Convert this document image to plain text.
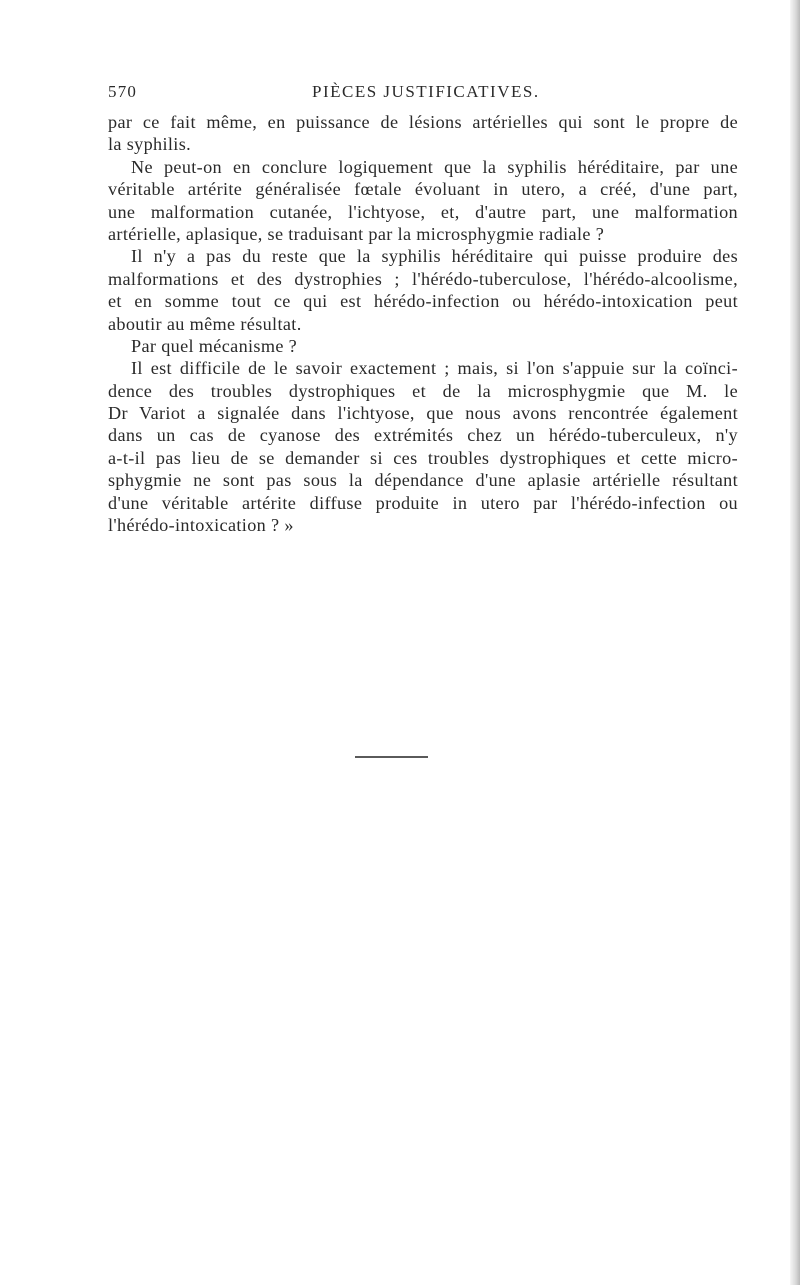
570	PIÈCES JUSTIFICATIVES.
par ce fait même, en puissance de lésions artérielles qui sont le propre de
la syphilis.
Ne peut-on en conclure logiquement que la syphilis héréditaire, par une
véritable artérite généralisée fœtale évoluant in utero, a créé, d'une part,
une malformation cutanée, l'ichtyose, et, d'autre part, une malformation
artérielle, aplasique, se traduisant par la microsphygmie radiale ?
Il n'y a pas du reste que la syphilis héréditaire qui puisse produire des
malformations et des dystrophies ; l'hérédo-tuberculose, l'hérédo-alcoolisme,
et en somme tout ce qui est hérédo-infection ou hérédo-intoxication peut
aboutir au même résultat.
Par quel mécanisme ?
Il est difficile de le savoir exactement ; mais, si l'on s'appuie sur la coïnci-
dence des troubles dystrophiques et de la microsphygmie que M. le
Dr Variot a signalée dans l'ichtyose, que nous avons rencontrée également
dans un cas de cyanose des extrémités chez un hérédo-tuberculeux, n'y
a-t-il pas lieu de se demander si ces troubles dystrophiques et cette micro-
sphygmie ne sont pas sous la dépendance d'une aplasie artérielle résultant
d'une véritable artérite diffuse produite in utero par l'hérédo-infection ou
l'hérédo-intoxication ? »
